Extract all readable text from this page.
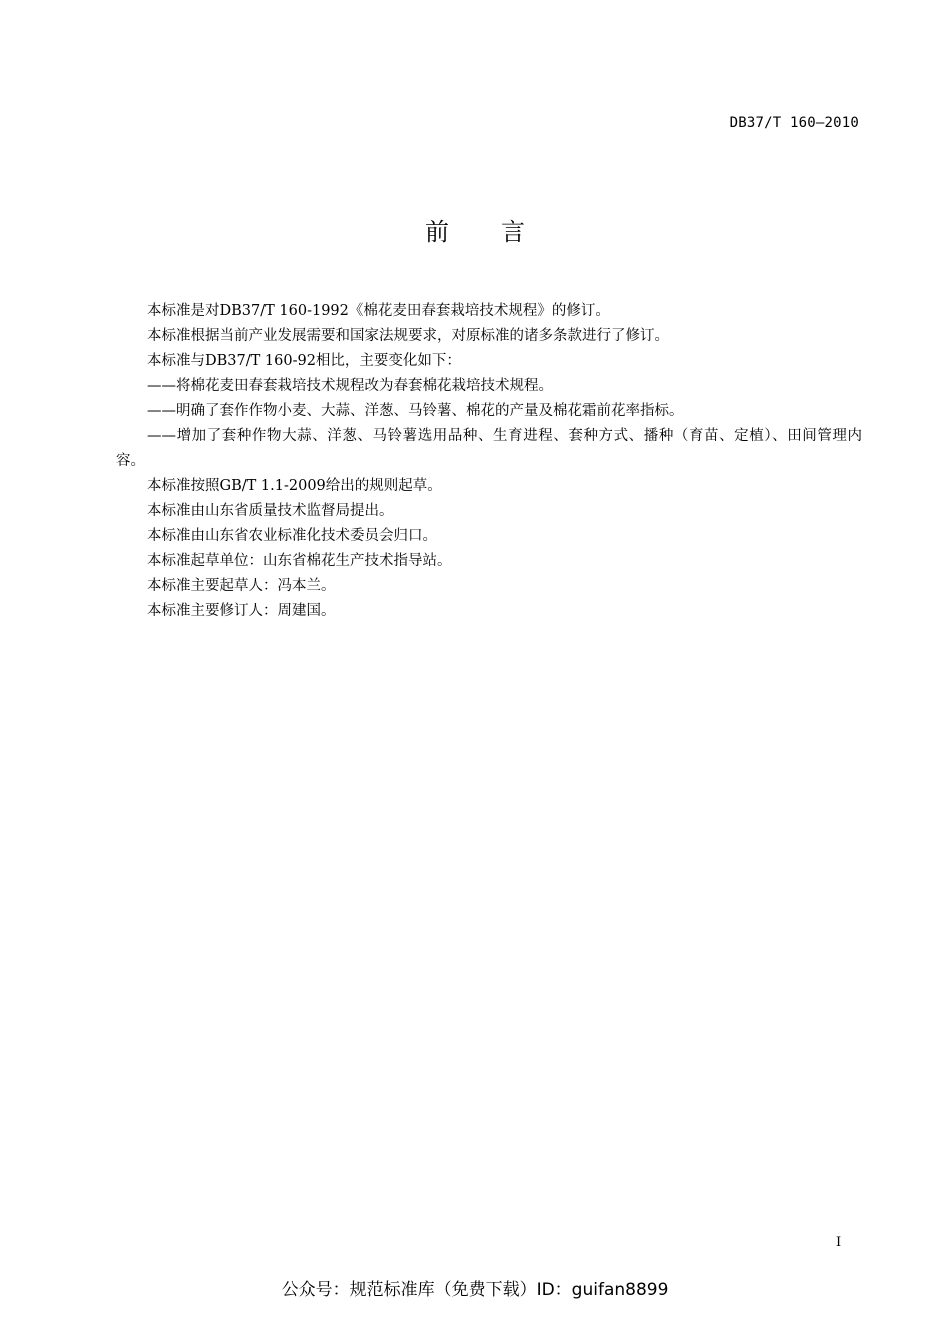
DB37/T 160—2010
前言

本标准是对DB37/T 160-1992《棉花麦田春套栽培技术规程》的修订。

本标准根据当前产业发展需要和国家法规要求，对原标准的诸多条款进行了修订。

本标准与DB37/T 160-92相比，主要变化如下：

——将棉花麦田春套栽培技术规程改为春套棉花栽培技术规程。

——明确了套作作物小麦、大蒜、洋葱、马铃薯、棉花的产量及棉花霜前花率指标。

——增加了套种作物大蒜、洋葱、马铃薯选用品种、生育进程、套种方式、播种（育苗、定植）、田间管理内容。

本标准按照GB/T 1.1-2009给出的规则起草。

本标准由山东省质量技术监督局提出。

本标准由山东省农业标准化技术委员会归口。

本标准起草单位：山东省棉花生产技术指导站。

本标准主要起草人：冯本兰。

本标准主要修订人：周建国。

I
公众号：规范标准库（免费下载）ID：guifan8899
